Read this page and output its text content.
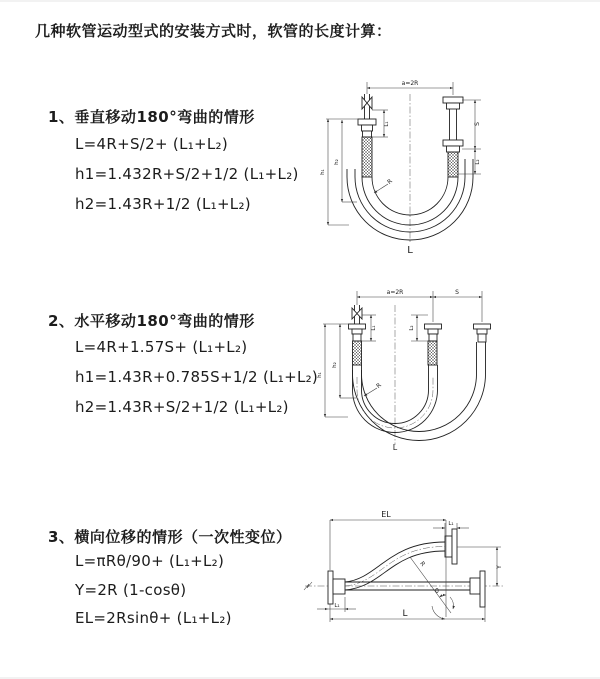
几种软管运动型式的安装方式时，软管的长度计算：
1、垂直移动180°弯曲的情形
L=4R+S/2+ (L₁+L₂)
h1=1.432R+S/2+1/2 (L₁+L₂)
h2=1.43R+1/2 (L₁+L₂)
2、水平移动180°弯曲的情形
L=4R+1.57S+ (L₁+L₂)
h1=1.43R+0.785S+1/2 (L₁+L₂)
h2=1.43R+S/2+1/2 (L₁+L₂)
3、横向位移的情形（一次性变位）
L=πRθ/90+ (L₁+L₂)
Y=2R (1-cosθ)
EL=2Rsinθ+ (L₁+L₂)
a=2R
S
L₂
L₁
h₂
h₁
R
L
a=2R	S
L₁	L₂
h₂
h₁
R
L
EL
L₁
Y
θ
R
L₁
L
